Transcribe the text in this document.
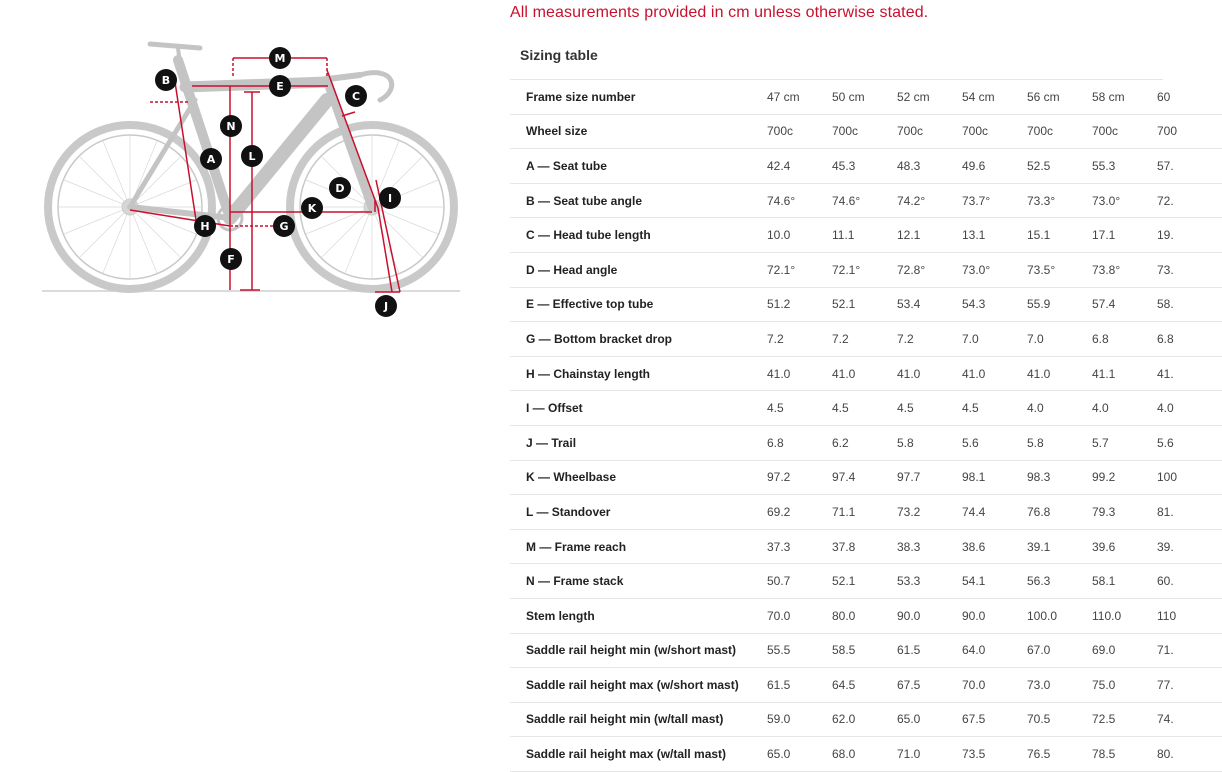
M
E
B
C
N
L
A
D
I
K
H	G
F
J
All measurements provided in cm unless otherwise stated.
Sizing table
Frame size number	47 cm	50 cm	52 cm	54 cm	56 cm	58 cm	60
Wheel size	700c	700c	700c	700c	700c	700c	700
A — Seat tube	42.4	45.3	48.3	49.6	52.5	55.3	57.
B — Seat tube angle	74.6°	74.6°	74.2°	73.7°	73.3°	73.0°	72.
C — Head tube length	10.0	11.1	12.1	13.1	15.1	17.1	19.
D — Head angle	72.1°	72.1°	72.8°	73.0°	73.5°	73.8°	73.
E — Effective top tube	51.2	52.1	53.4	54.3	55.9	57.4	58.
G — Bottom bracket drop	7.2	7.2	7.2	7.0	7.0	6.8	6.8
H — Chainstay length	41.0	41.0	41.0	41.0	41.0	41.1	41.
I — Offset	4.5	4.5	4.5	4.5	4.0	4.0	4.0
J — Trail	6.8	6.2	5.8	5.6	5.8	5.7	5.6
K — Wheelbase	97.2	97.4	97.7	98.1	98.3	99.2	100
L — Standover	69.2	71.1	73.2	74.4	76.8	79.3	81.
M — Frame reach	37.3	37.8	38.3	38.6	39.1	39.6	39.
N — Frame stack	50.7	52.1	53.3	54.1	56.3	58.1	60.
Stem length	70.0	80.0	90.0	90.0	100.0	110.0	110
Saddle rail height min (w/short mast)	55.5	58.5	61.5	64.0	67.0	69.0	71.
Saddle rail height max (w/short mast)	61.5	64.5	67.5	70.0	73.0	75.0	77.
Saddle rail height min (w/tall mast)	59.0	62.0	65.0	67.5	70.5	72.5	74.
Saddle rail height max (w/tall mast)	65.0	68.0	71.0	73.5	76.5	78.5	80.
